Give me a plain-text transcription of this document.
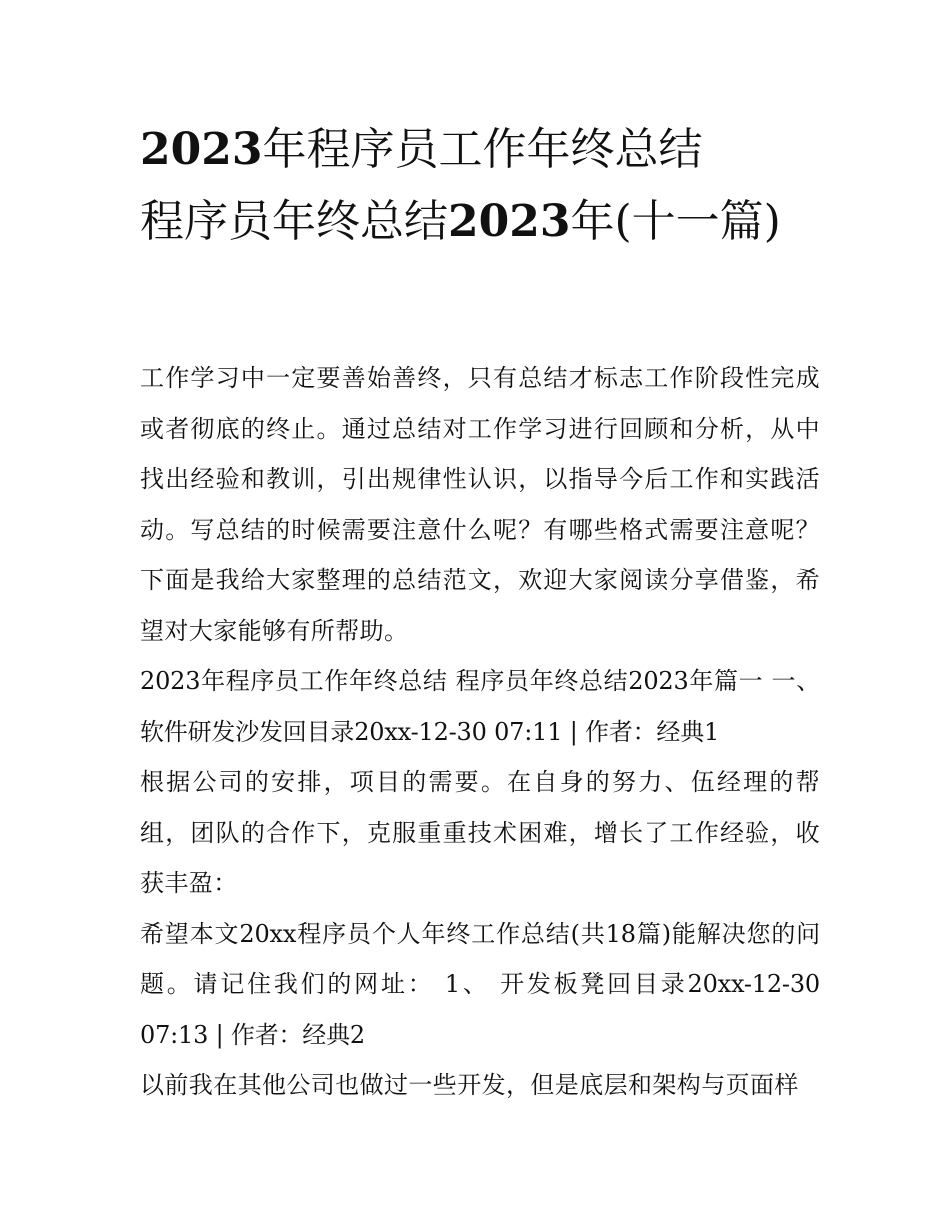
2023年程序员工作年终总结
程序员年终总结2023年(十一篇)

工作学习中一定要善始善终，只有总结才标志工作阶段性完成或者彻底的终止。通过总结对工作学习进行回顾和分析，从中找出经验和教训，引出规律性认识，以指导今后工作和实践活动。写总结的时候需要注意什么呢？有哪些格式需要注意呢？下面是我给大家整理的总结范文，欢迎大家阅读分享借鉴，希望对大家能够有所帮助。

2023年程序员工作年终总结 程序员年终总结2023年篇一 一、软件研发沙发回目录20xx-12-30 07:11 | 作者：经典1

根据公司的安排，项目的需要。在自身的努力、伍经理的帮组，团队的合作下，克服重重技术困难，增长了工作经验，收获丰盈：

希望本文20xx程序员个人年终工作总结(共18篇)能解决您的问题。请记住我们的网址： 1、 开发板凳回目录20xx-12-30 07:13 | 作者：经典2

以前我在其他公司也做过一些开发，但是底层和架构与页面样
